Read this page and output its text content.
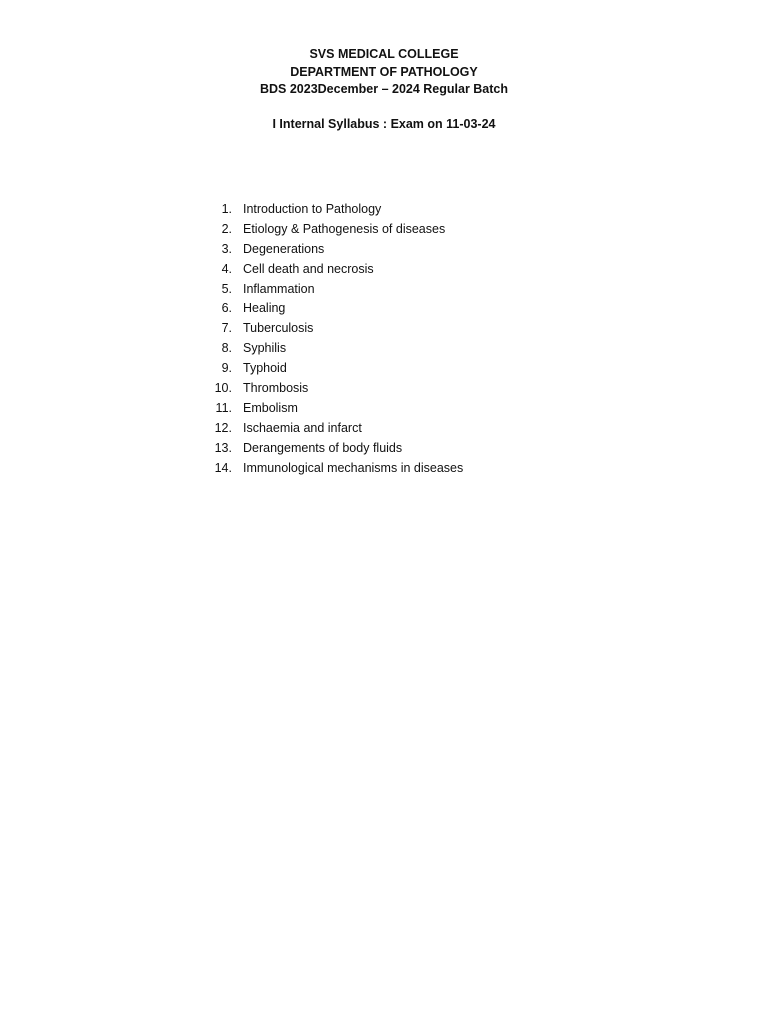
SVS MEDICAL COLLEGE
DEPARTMENT OF PATHOLOGY
BDS 2023December – 2024 Regular Batch
I Internal Syllabus : Exam on 11-03-24
1. Introduction to Pathology
2. Etiology & Pathogenesis of diseases
3. Degenerations
4. Cell death and necrosis
5. Inflammation
6. Healing
7. Tuberculosis
8. Syphilis
9. Typhoid
10. Thrombosis
11. Embolism
12. Ischaemia and infarct
13. Derangements of body fluids
14. Immunological mechanisms in diseases
